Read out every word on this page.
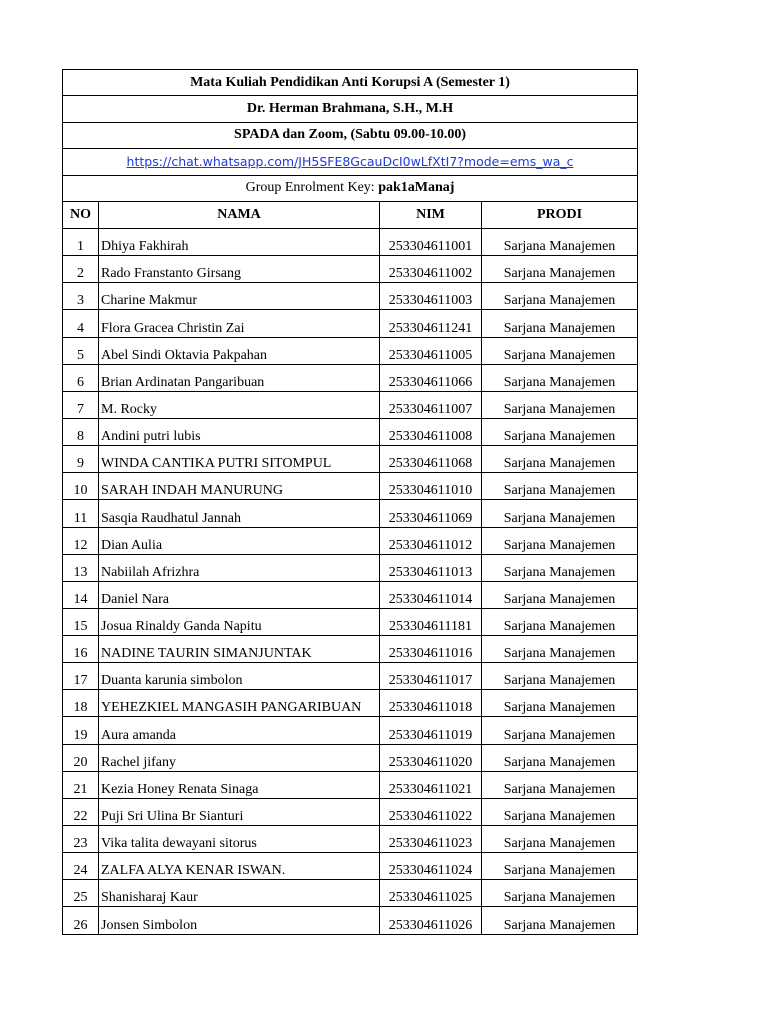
Mata Kuliah Pendidikan Anti Korupsi A (Semester 1)			
Dr. Herman Brahmana, S.H., M.H			
SPADA dan Zoom, (Sabtu 09.00-10.00)			
https://chat.whatsapp.com/JH5SFE8GcauDcI0wLfXtI7?mode=ems_wa_c			
Group Enrolment Key: pak1aManaj			
NO	NAMA	NIM	PRODI
1	Dhiya Fakhirah	253304611001	Sarjana Manajemen
2	Rado Franstanto Girsang	253304611002	Sarjana Manajemen
3	Charine Makmur	253304611003	Sarjana Manajemen
4	Flora Gracea Christin Zai	253304611241	Sarjana Manajemen
5	Abel Sindi Oktavia Pakpahan	253304611005	Sarjana Manajemen
6	Brian Ardinatan Pangaribuan	253304611066	Sarjana Manajemen
7	M. Rocky	253304611007	Sarjana Manajemen
8	Andini putri lubis	253304611008	Sarjana Manajemen
9	WINDA CANTIKA PUTRI SITOMPUL	253304611068	Sarjana Manajemen
10	SARAH INDAH MANURUNG	253304611010	Sarjana Manajemen
11	Sasqia Raudhatul Jannah	253304611069	Sarjana Manajemen
12	Dian Aulia	253304611012	Sarjana Manajemen
13	Nabiilah Afrizhra	253304611013	Sarjana Manajemen
14	Daniel Nara	253304611014	Sarjana Manajemen
15	Josua Rinaldy Ganda Napitu	253304611181	Sarjana Manajemen
16	NADINE TAURIN SIMANJUNTAK	253304611016	Sarjana Manajemen
17	Duanta karunia simbolon	253304611017	Sarjana Manajemen
18	YEHEZKIEL MANGASIH PANGARIBUAN	253304611018	Sarjana Manajemen
19	Aura amanda	253304611019	Sarjana Manajemen
20	Rachel jifany	253304611020	Sarjana Manajemen
21	Kezia Honey Renata Sinaga	253304611021	Sarjana Manajemen
22	Puji Sri Ulina Br Sianturi	253304611022	Sarjana Manajemen
23	Vika talita dewayani sitorus	253304611023	Sarjana Manajemen
24	ZALFA ALYA KENAR ISWAN.	253304611024	Sarjana Manajemen
25	Shanisharaj Kaur	253304611025	Sarjana Manajemen
26	Jonsen Simbolon	253304611026	Sarjana Manajemen
